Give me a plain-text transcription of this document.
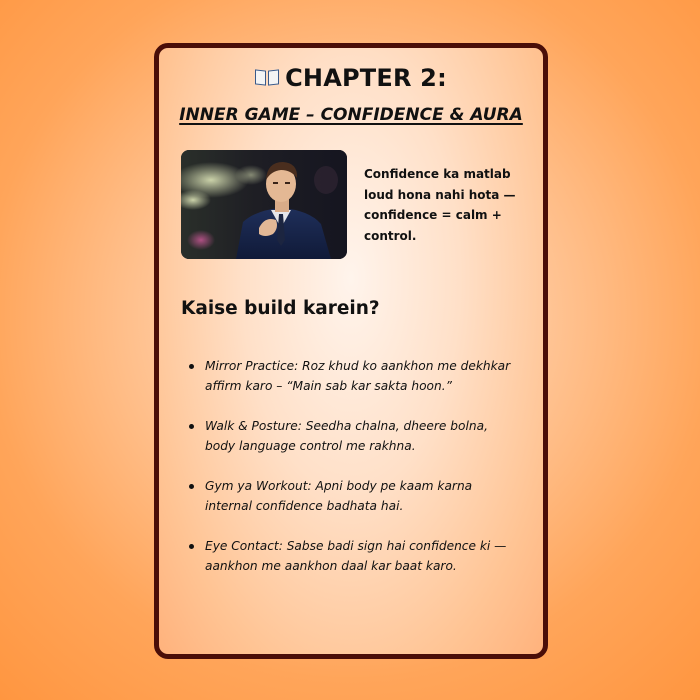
CHAPTER 2:
INNER GAME – CONFIDENCE & AURA
Confidence ka matlab loud hona nahi hota — confidence = calm + control.
Kaise build karein?
Mirror Practice: Roz khud ko aankhon me dekhkar affirm karo – “Main sab kar sakta hoon.”
Walk & Posture: Seedha chalna, dheere bolna, body language control me rakhna.
Gym ya Workout: Apni body pe kaam karna internal confidence badhata hai.
Eye Contact: Sabse badi sign hai confidence ki — aankhon me aankhon daal kar baat karo.
